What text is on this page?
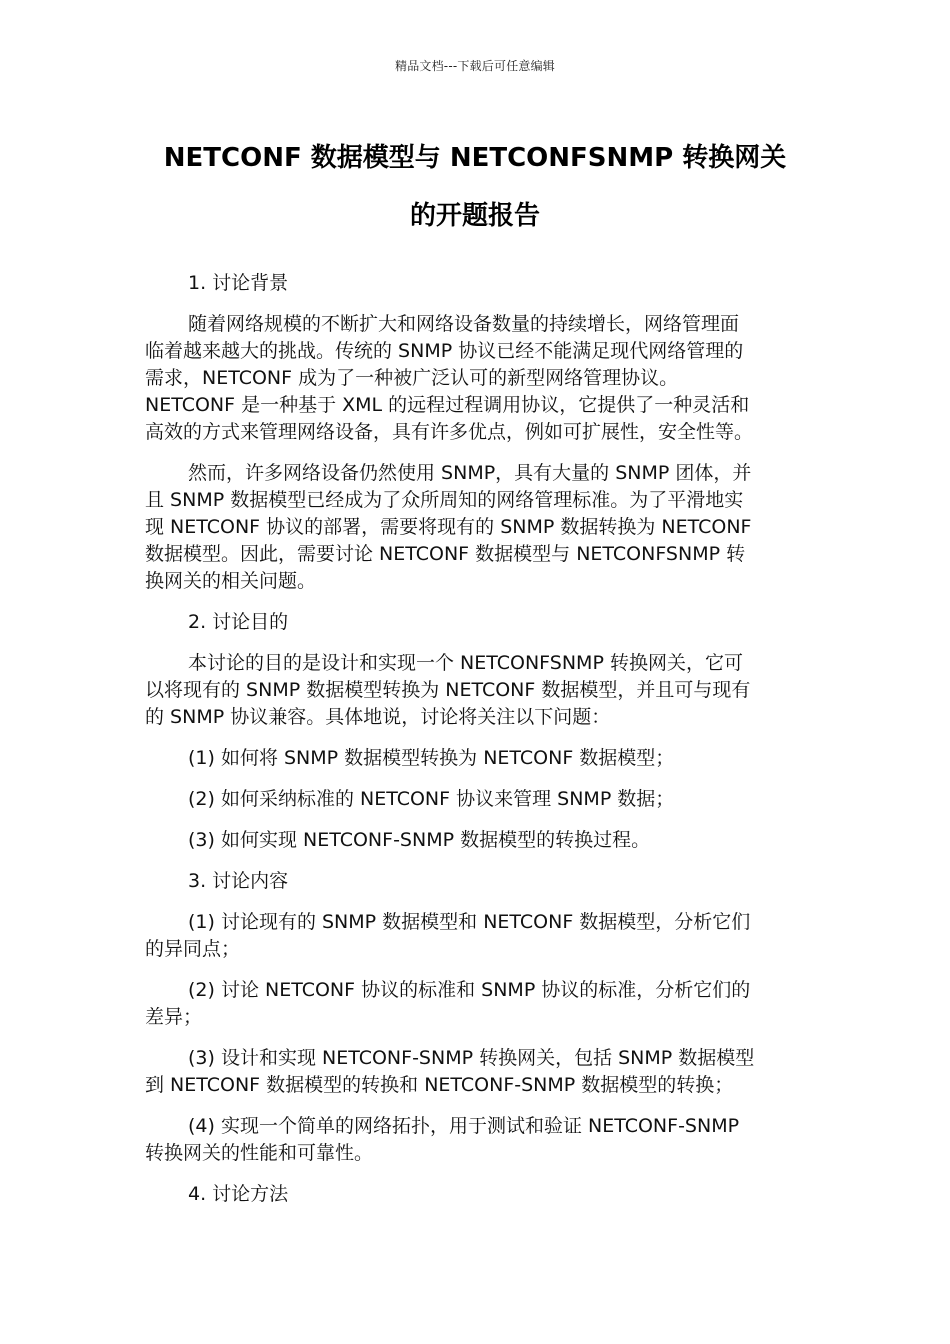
精品文档---下载后可任意编辑
NETCONF 数据模型与 NETCONFSNMP 转换网关
的开题报告
1. 讨论背景

随着网络规模的不断扩大和网络设备数量的持续增长，网络管理面
临着越来越大的挑战。传统的 SNMP 协议已经不能满足现代网络管理的
需求，NETCONF 成为了一种被广泛认可的新型网络管理协议。
NETCONF 是一种基于 XML 的远程过程调用协议，它提供了一种灵活和
高效的方式来管理网络设备，具有许多优点，例如可扩展性，安全性等。

然而，许多网络设备仍然使用 SNMP，具有大量的 SNMP 团体，并
且 SNMP 数据模型已经成为了众所周知的网络管理标准。为了平滑地实
现 NETCONF 协议的部署，需要将现有的 SNMP 数据转换为 NETCONF
数据模型。因此，需要讨论 NETCONF 数据模型与 NETCONFSNMP 转
换网关的相关问题。

2. 讨论目的

本讨论的目的是设计和实现一个 NETCONFSNMP 转换网关，它可
以将现有的 SNMP 数据模型转换为 NETCONF 数据模型，并且可与现有
的 SNMP 协议兼容。具体地说，讨论将关注以下问题：

(1) 如何将 SNMP 数据模型转换为 NETCONF 数据模型；

(2) 如何采纳标准的 NETCONF 协议来管理 SNMP 数据；

(3) 如何实现 NETCONF-SNMP 数据模型的转换过程。

3. 讨论内容

(1) 讨论现有的 SNMP 数据模型和 NETCONF 数据模型，分析它们
的异同点；

(2) 讨论 NETCONF 协议的标准和 SNMP 协议的标准，分析它们的
差异；

(3) 设计和实现 NETCONF-SNMP 转换网关，包括 SNMP 数据模型
到 NETCONF 数据模型的转换和 NETCONF-SNMP 数据模型的转换；

(4) 实现一个简单的网络拓扑，用于测试和验证 NETCONF-SNMP
转换网关的性能和可靠性。

4. 讨论方法
